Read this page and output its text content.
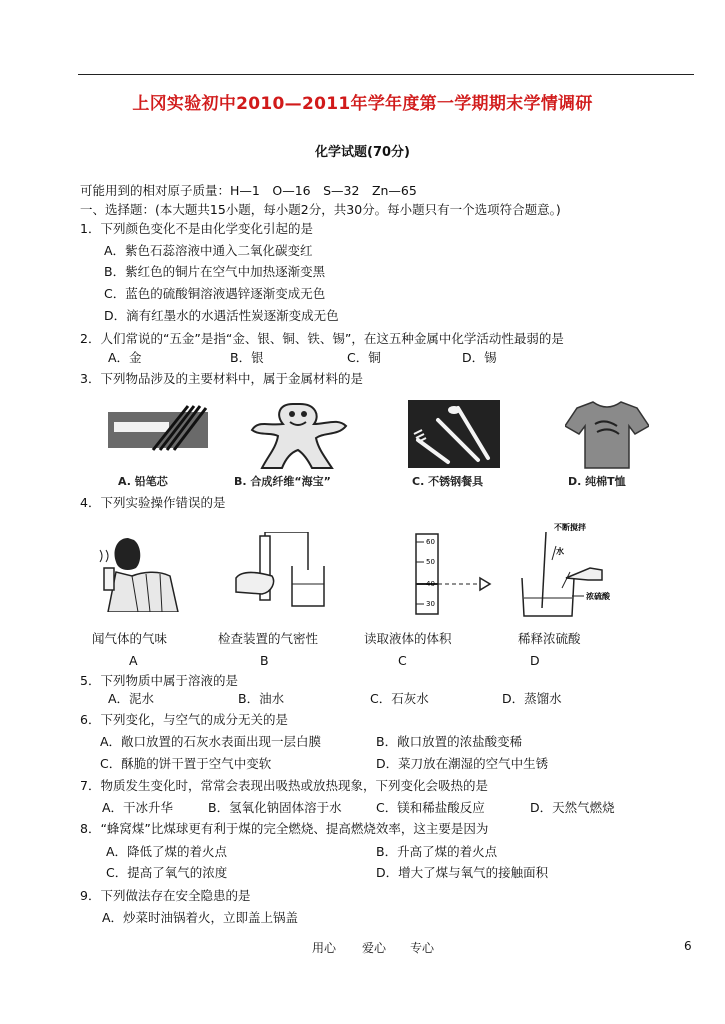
上冈实验初中2010—2011年学年度第一学期期末学情调研
化学试题(70分)
可能用到的相对原子质量：H—1　O—16　S—32　Zn—65
一、选择题：(本大题共15小题，每小题2分，共30分。每小题只有一个选项符合题意。)
1．下列颜色变化不是由化学变化引起的是
A．紫色石蕊溶液中通入二氧化碳变红
B．紫红色的铜片在空气中加热逐渐变黑
C．蓝色的硫酸铜溶液遇锌逐渐变成无色
D．滴有红墨水的水遇活性炭逐渐变成无色
2．人们常说的“五金”是指“金、银、铜、铁、锡”，在这五种金属中化学活动性最弱的是
A．金	B．银	C．铜	D．锡
3．下列物品涉及的主要材料中，属于金属材料的是
A. 铅笔芯	B. 合成纤维“海宝”	C. 不锈钢餐具	D. 纯棉T恤
4．下列实验操作错误的是
60
50
40
30
不断搅拌
水
浓硫酸
闻气体的气味	检查装置的气密性	读取液体的体积	稀释浓硫酸
A	B	C	D
5．下列物质中属于溶液的是
A．泥水	B．油水	C．石灰水	D．蒸馏水
6．下列变化，与空气的成分无关的是
A．敞口放置的石灰水表面出现一层白膜	B．敞口放置的浓盐酸变稀
C．酥脆的饼干置于空气中变软	D．菜刀放在潮湿的空气中生锈
7．物质发生变化时，常常会表现出吸热或放热现象，下列变化会吸热的是
A．干冰升华	B．氢氧化钠固体溶于水	C．镁和稀盐酸反应	D．天然气燃烧
8．“蜂窝煤”比煤球更有利于煤的完全燃烧、提高燃烧效率，这主要是因为
A．降低了煤的着火点	B．升高了煤的着火点
C．提高了氧气的浓度	D．增大了煤与氧气的接触面积
9．下列做法存在安全隐患的是
A．炒菜时油锅着火，立即盖上锅盖
用心 爱心 专心	6
